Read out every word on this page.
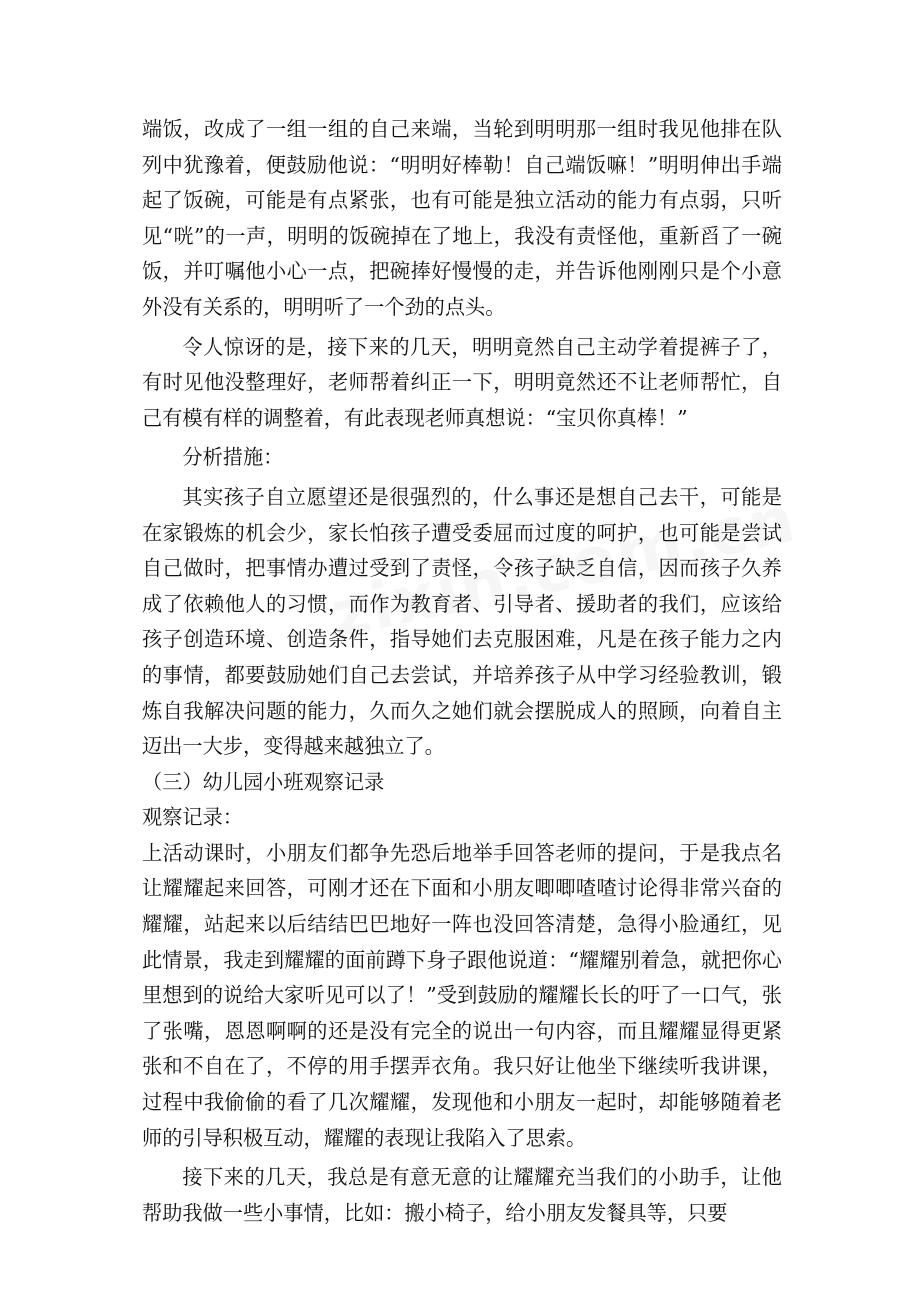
端饭，改成了一组一组的自己来端，当轮到明明那一组时我见他排在队列中犹豫着，便鼓励他说：“明明好棒勒！自己端饭嘛！”明明伸出手端起了饭碗，可能是有点紧张，也有可能是独立活动的能力有点弱，只听见“咣”的一声，明明的饭碗掉在了地上，我没有责怪他，重新舀了一碗饭，并叮嘱他小心一点，把碗捧好慢慢的走，并告诉他刚刚只是个小意外没有关系的，明明听了一个劲的点头。

令人惊讶的是，接下来的几天，明明竟然自己主动学着提裤子了，有时见他没整理好，老师帮着纠正一下，明明竟然还不让老师帮忙，自己有模有样的调整着，有此表现老师真想说：“宝贝你真棒！”

分析措施：

其实孩子自立愿望还是很强烈的，什么事还是想自己去干，可能是在家锻炼的机会少，家长怕孩子遭受委屈而过度的呵护，也可能是尝试自己做时，把事情办遭过受到了责怪，令孩子缺乏自信，因而孩子久养成了依赖他人的习惯，而作为教育者、引导者、援助者的我们，应该给孩子创造环境、创造条件，指导她们去克服困难，凡是在孩子能力之内的事情，都要鼓励她们自己去尝试，并培养孩子从中学习经验教训，锻炼自我解决问题的能力，久而久之她们就会摆脱成人的照顾，向着自主迈出一大步，变得越来越独立了。

（三）幼儿园小班观察记录

观察记录：

上活动课时，小朋友们都争先恐后地举手回答老师的提问，于是我点名让耀耀起来回答，可刚才还在下面和小朋友唧唧喳喳讨论得非常兴奋的耀耀，站起来以后结结巴巴地好一阵也没回答清楚，急得小脸通红，见此情景，我走到耀耀的面前蹲下身子跟他说道：“耀耀别着急，就把你心里想到的说给大家听见可以了！”受到鼓励的耀耀长长的吁了一口气，张了张嘴，恩恩啊啊的还是没有完全的说出一句内容，而且耀耀显得更紧张和不自在了，不停的用手摆弄衣角。我只好让他坐下继续听我讲课，过程中我偷偷的看了几次耀耀，发现他和小朋友一起时，却能够随着老师的引导积极互动，耀耀的表现让我陷入了思索。

接下来的几天，我总是有意无意的让耀耀充当我们的小助手，让他帮助我做一些小事情，比如：搬小椅子，给小朋友发餐具等，只要
